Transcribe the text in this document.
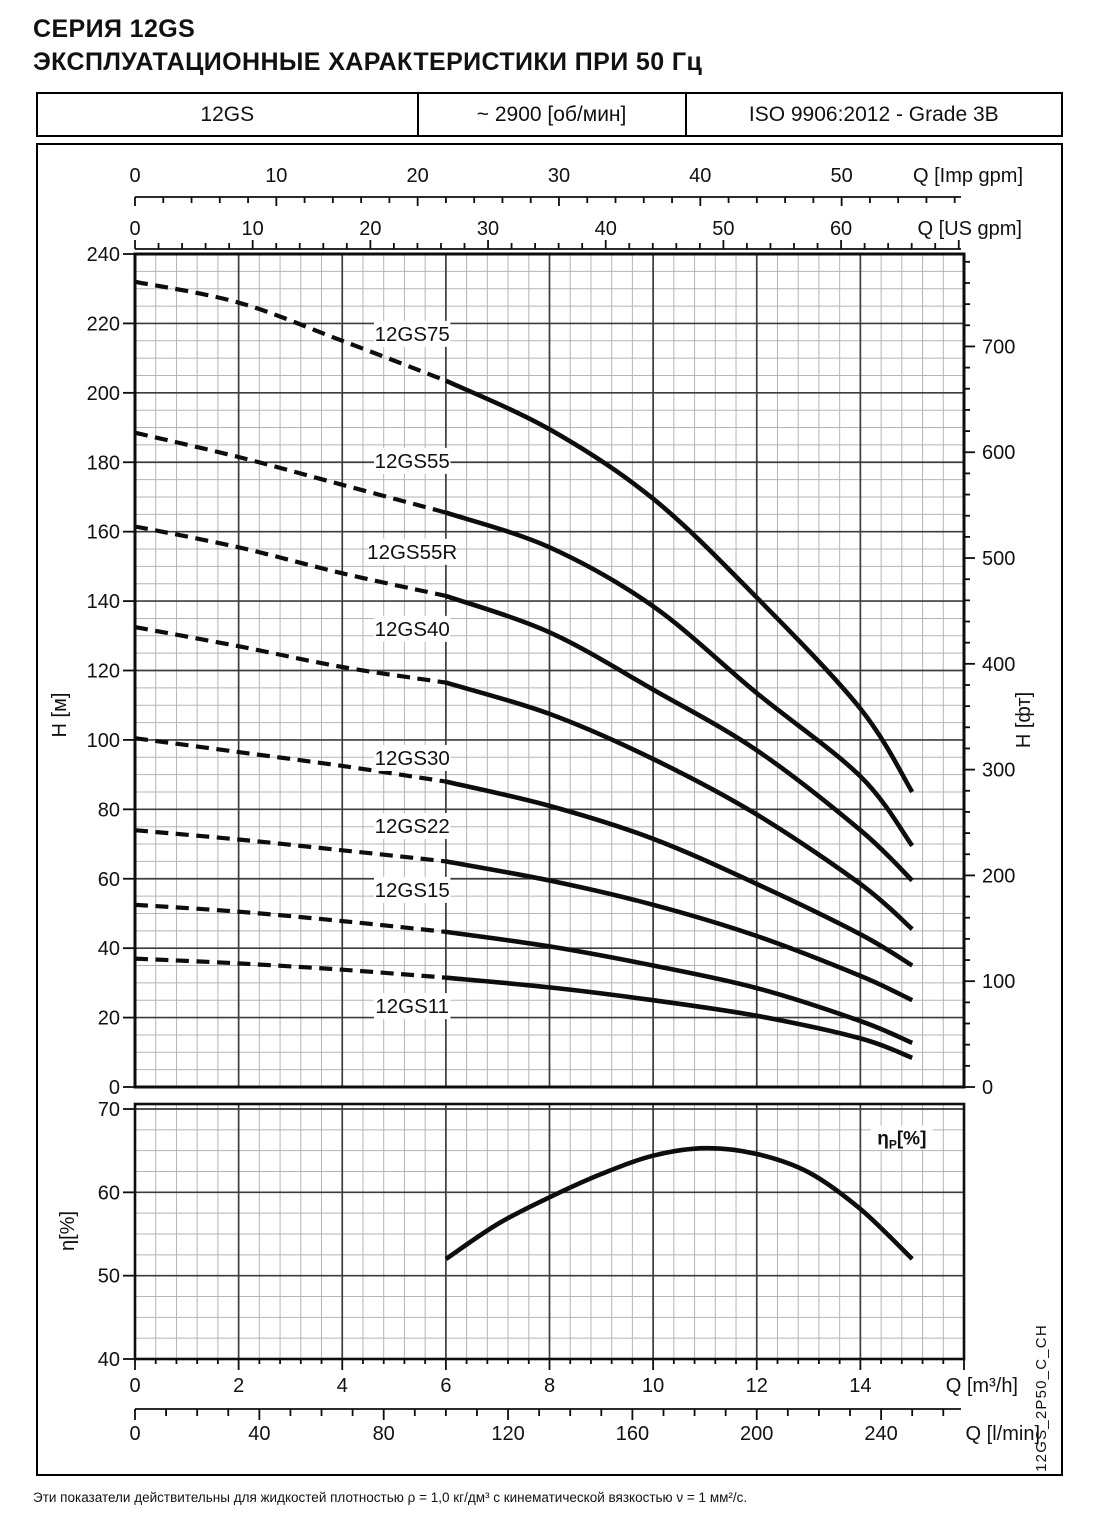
СЕРИЯ 12GS
ЭКСПЛУАТАЦИОННЫЕ ХАРАКТЕРИСТИКИ ПРИ 50 Гц
12GS	~ 2900 [об/мин]	ISO 9906:2012 - Grade 3B
0	10	20	30	40	50	Q [Imp gpm]
0	10	20	30	40	50	60	Q [US gpm]
0
20
40
60
80
100
120
140
160
180
200
220
240
H [м]
0
100
200
300
400
500
600
700
H [фт]
40
50
60
70
η[%]
0	2	4	6	8	10	12	14	Q [m³/h]
0	40	80	120	160	200	240	Q [l/min]
12GS75
12GS55
12GS55R
12GS40
12GS30
12GS22
12GS15
12GS11
$\eta_P[\%]$
12GS_2P50_C_CH
Эти показатели действительны для жидкостей плотностью ρ = 1,0 кг/дм³ с кинематической вязкостью ν = 1 мм²/с.
